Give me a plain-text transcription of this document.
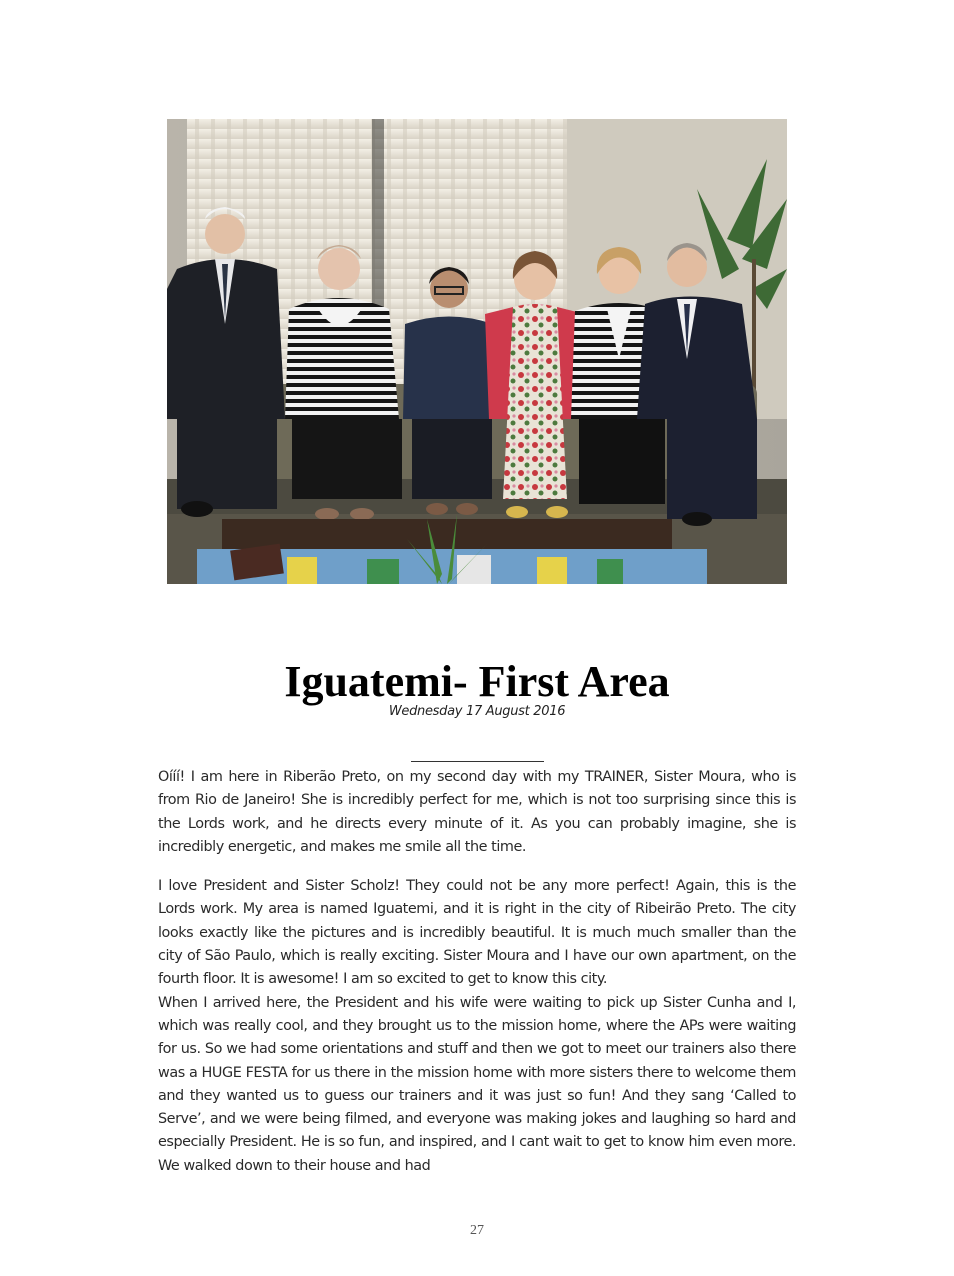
Iguatemi- First Area
Wednesday 17 August 2016

Oííí! I am here in Riberão Preto, on my second day with my TRAINER, Sister Moura, who is from Rio de Janeiro! She is incredibly perfect for me, which is not too surprising since this is the Lords work, and he directs every minute of it. As you can probably imagine, she is incredibly energetic, and makes me smile all the time.

I love President and Sister Scholz! They could not be any more perfect! Again, this is the Lords work. My area is named Iguatemi, and it is right in the city of Ribeirão Preto. The city looks exactly like the pictures and is incredibly beautiful. It is much much smaller than the city of São Paulo, which is really exciting. Sister Moura and I have our own apartment, on the fourth floor. It is awesome! I am so excited to get to know this city.

When I arrived here, the President and his wife were waiting to pick up Sister Cunha and I, which was really cool, and they brought us to the mission home, where the APs were waiting for us. So we had some orientations and stuff and then we got to meet our trainers also there was a HUGE FESTA for us there in the mission home with more sisters there to welcome them and they wanted us to guess our trainers and it was just so fun! And they sang ‘Called to Serve’, and we were being filmed, and everyone was making jokes and laughing so hard and especially President. He is so fun, and inspired, and I cant wait to get to know him even more. We walked down to their house and had

27
